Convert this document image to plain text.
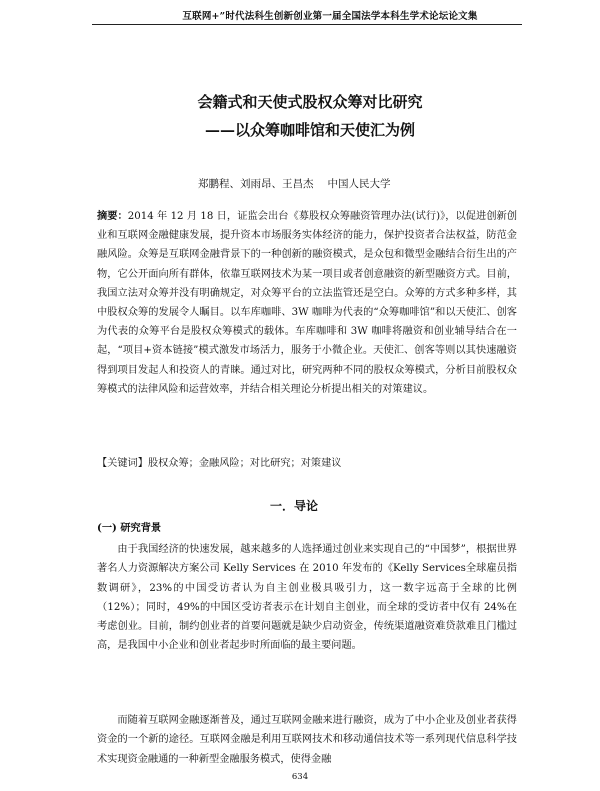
互联网+”时代法科生创新创业第一届全国法学本科生学术论坛论文集
会籍式和天使式股权众筹对比研究
——以众筹咖啡馆和天使汇为例
郑鹏程、刘雨昂、王昌杰 中国人民大学
摘要：2014 年 12 月 18 日，证监会出台《募股权众筹融资管理办法(试行)》，以促进创新创业和互联网金融健康发展，提升资本市场服务实体经济的能力，保护投资者合法权益，防范金融风险。众筹是互联网金融背景下的一种创新的融资模式，是众包和微型金融结合衍生出的产物，它公开面向所有群体，依靠互联网技术为某一项目或者创意融资的新型融资方式。目前，我国立法对众筹并没有明确规定，对众筹平台的立法监管还是空白。众筹的方式多种多样，其中股权众筹的发展令人瞩目。以车库咖啡、3W 咖啡为代表的“众筹咖啡馆”和以天使汇、创客为代表的众筹平台是股权众筹模式的载体。车库咖啡和 3W 咖啡将融资和创业辅导结合在一起，“项目+资本链接”模式激发市场活力，服务于小微企业。天使汇、创客等则以其快速融资得到项目发起人和投资人的青睐。通过对比，研究两种不同的股权众筹模式，分析目前股权众筹模式的法律风险和运营效率，并结合相关理论分析提出相关的对策建议。
【关键词】股权众筹；金融风险；对比研究；对策建议
一．导论
(一) 研究背景
由于我国经济的快速发展，越来越多的人选择通过创业来实现自己的“中国梦”，根据世界著名人力资源解决方案公司 Kelly Services 在 2010 年发布的《Kelly Services全球雇员指数调研》，23%的中国受访者认为自主创业极具吸引力，这一数字远高于全球的比例（12%）；同时，49%的中国区受访者表示在计划自主创业，而全球的受访者中仅有 24%在考虑创业。目前，制约创业者的首要问题就是缺少启动资金，传统渠道融资难贷款难且门槛过高，是我国中小企业和创业者起步时所面临的最主要问题。
而随着互联网金融逐渐普及，通过互联网金融来进行融资，成为了中小企业及创业者获得资金的一个新的途径。互联网金融是利用互联网技术和移动通信技术等一系列现代信息科学技术实现资金融通的一种新型金融服务模式，使得金融
634
